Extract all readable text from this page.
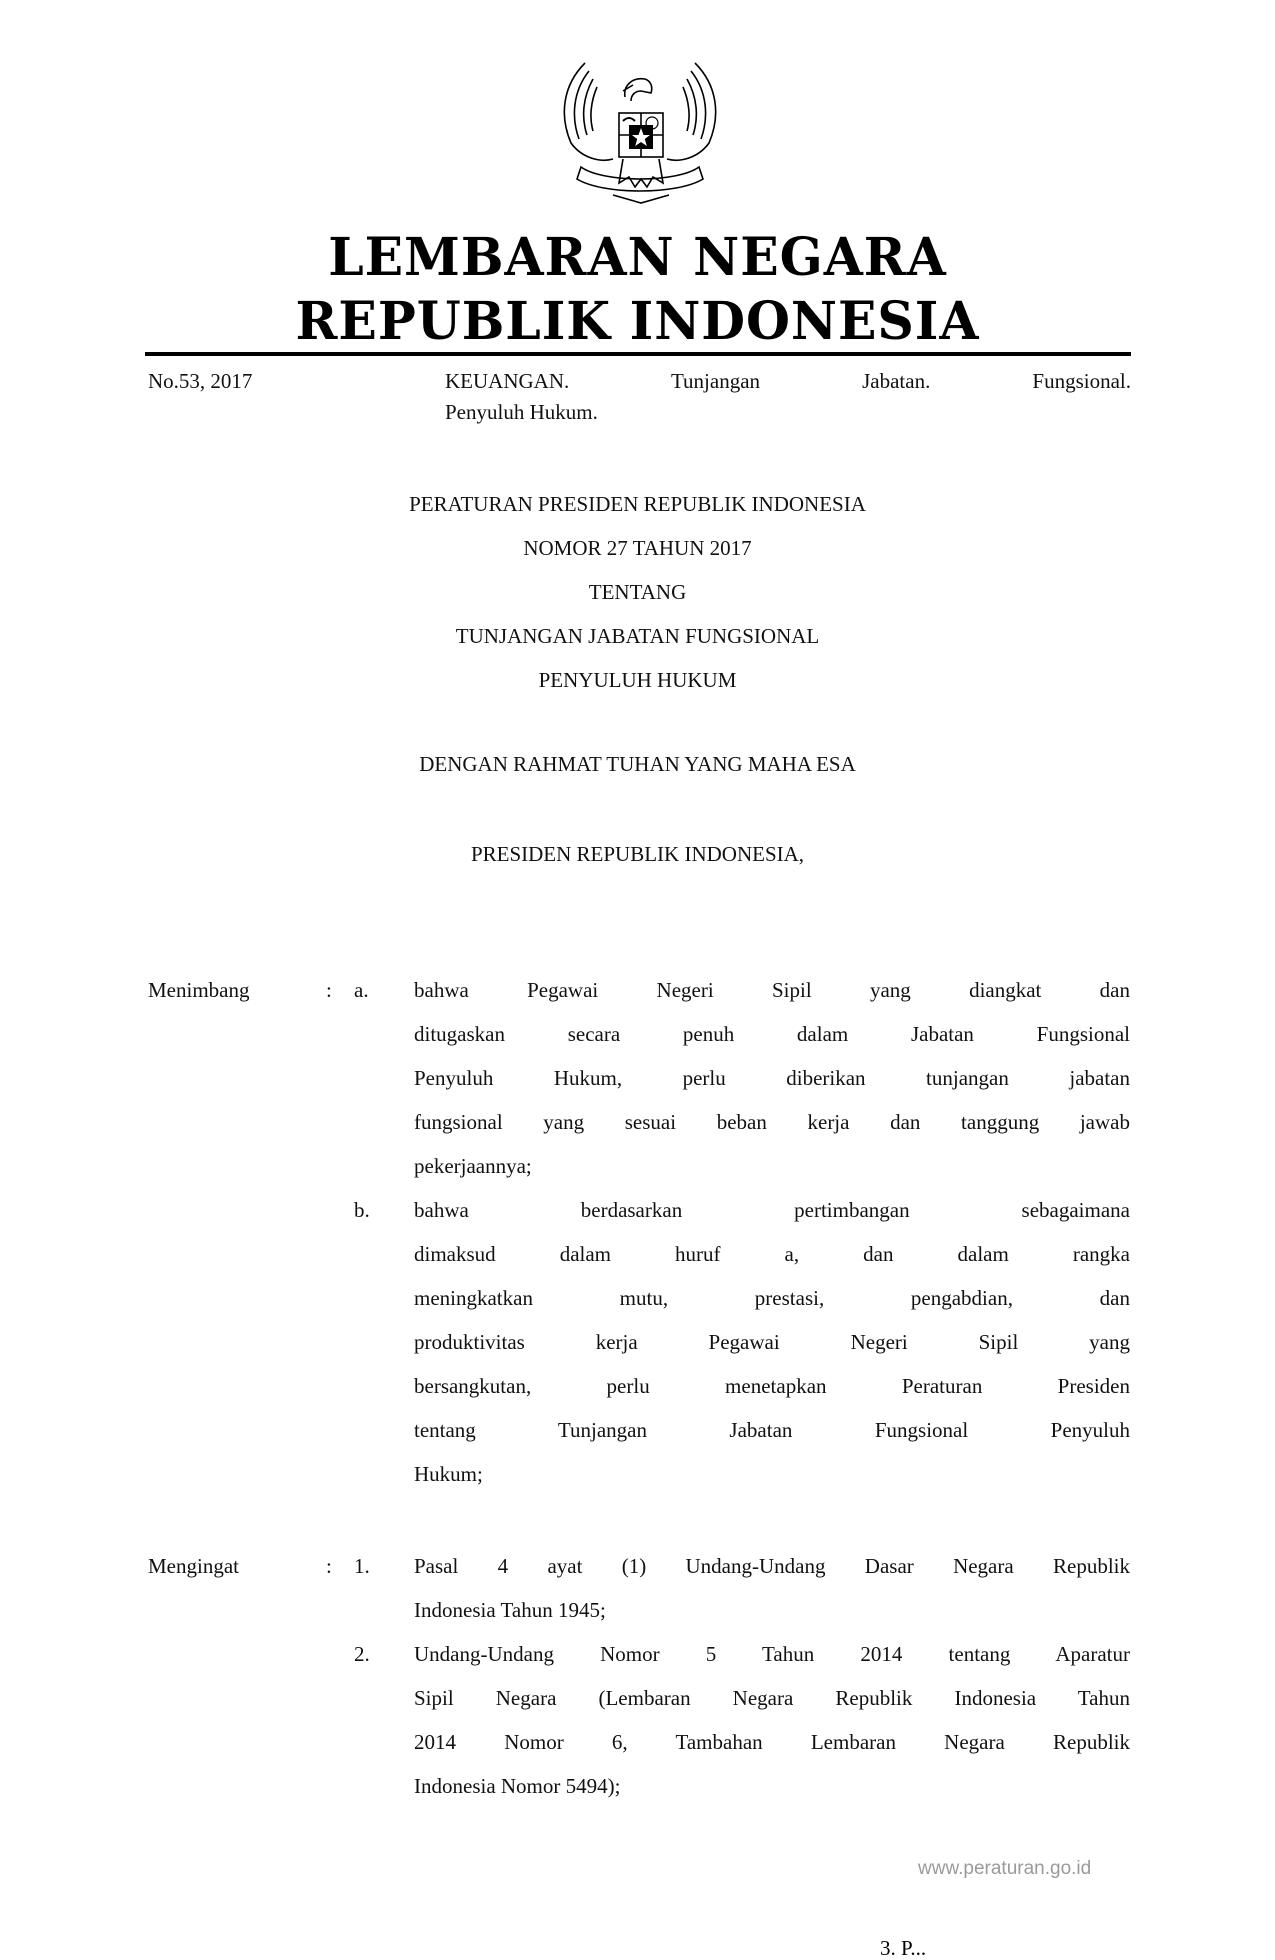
LEMBARAN NEGARA
REPUBLIK INDONESIA
No.53, 2017	KEUANGAN. Tunjangan Jabatan. Fungsional.
Penyuluh Hukum.
PERATURAN PRESIDEN REPUBLIK INDONESIA
NOMOR 27 TAHUN 2017
TENTANG
TUNJANGAN JABATAN FUNGSIONAL
PENYULUH HUKUM
DENGAN RAHMAT TUHAN YANG MAHA ESA
PRESIDEN REPUBLIK INDONESIA,
Menimbang	: a. bahwa Pegawai Negeri Sipil yang diangkat dan
ditugaskan secara penuh dalam Jabatan Fungsional
Penyuluh Hukum, perlu diberikan tunjangan jabatan
fungsional yang sesuai beban kerja dan tanggung jawab
pekerjaannya;
b. bahwa berdasarkan pertimbangan sebagaimana
dimaksud dalam huruf a, dan dalam rangka
meningkatkan mutu, prestasi, pengabdian, dan
produktivitas kerja Pegawai Negeri Sipil yang
bersangkutan, perlu menetapkan Peraturan Presiden
tentang Tunjangan Jabatan Fungsional Penyuluh
Hukum;
Mengingat	: 1. Pasal 4 ayat (1) Undang-Undang Dasar Negara Republik
Indonesia Tahun 1945;
2. Undang-Undang Nomor 5 Tahun 2014 tentang Aparatur
Sipil Negara (Lembaran Negara Republik Indonesia Tahun
2014 Nomor 6, Tambahan Lembaran Negara Republik
Indonesia Nomor 5494);
www.peraturan.go.id
3. P...
